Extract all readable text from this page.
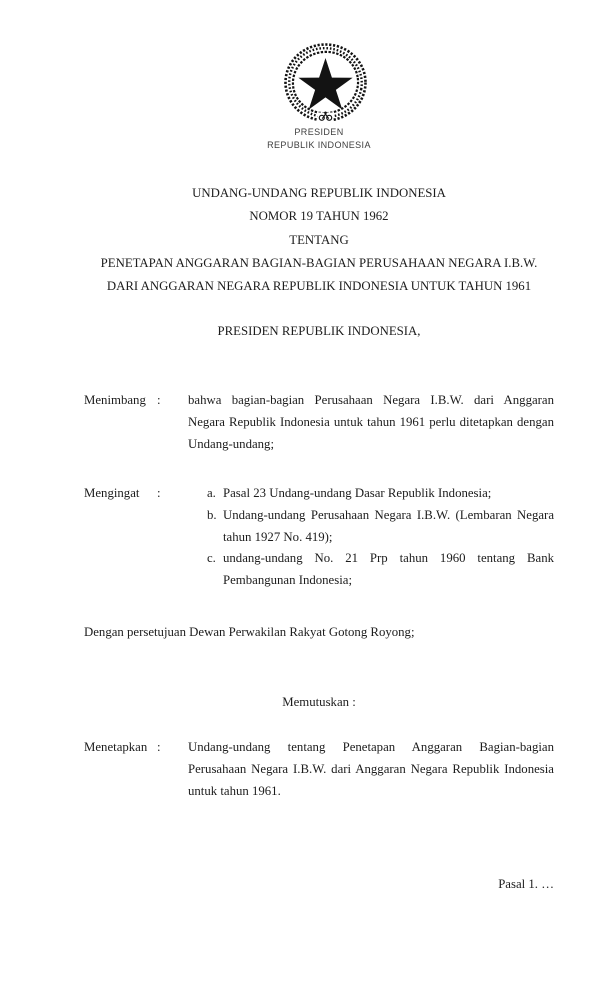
PRESIDEN
REPUBLIK INDONESIA
UNDANG-UNDANG REPUBLIK INDONESIA
NOMOR 19 TAHUN 1962
TENTANG
PENETAPAN ANGGARAN BAGIAN-BAGIAN PERUSAHAAN NEGARA I.B.W.
DARI ANGGARAN NEGARA REPUBLIK INDONESIA UNTUK TAHUN 1961
PRESIDEN REPUBLIK INDONESIA,
Menimbang : bahwa bagian-bagian Perusahaan Negara I.B.W. dari Anggaran
Negara Republik Indonesia untuk tahun 1961 perlu ditetapkan dengan
Undang-undang;
Mengingat :	a. Pasal 23 Undang-undang Dasar Republik Indonesia;
b. Undang-undang Perusahaan Negara I.B.W. (Lembaran Negara
tahun 1927 No. 419);
c. undang-undang No. 21 Prp tahun 1960 tentang Bank
Pembangunan Indonesia;
Dengan persetujuan Dewan Perwakilan Rakyat Gotong Royong;
Memutuskan :
Menetapkan : Undang-undang tentang Penetapan Anggaran Bagian-bagian
Perusahaan Negara I.B.W. dari Anggaran Negara Republik Indonesia
untuk tahun 1961.
Pasal 1. …
